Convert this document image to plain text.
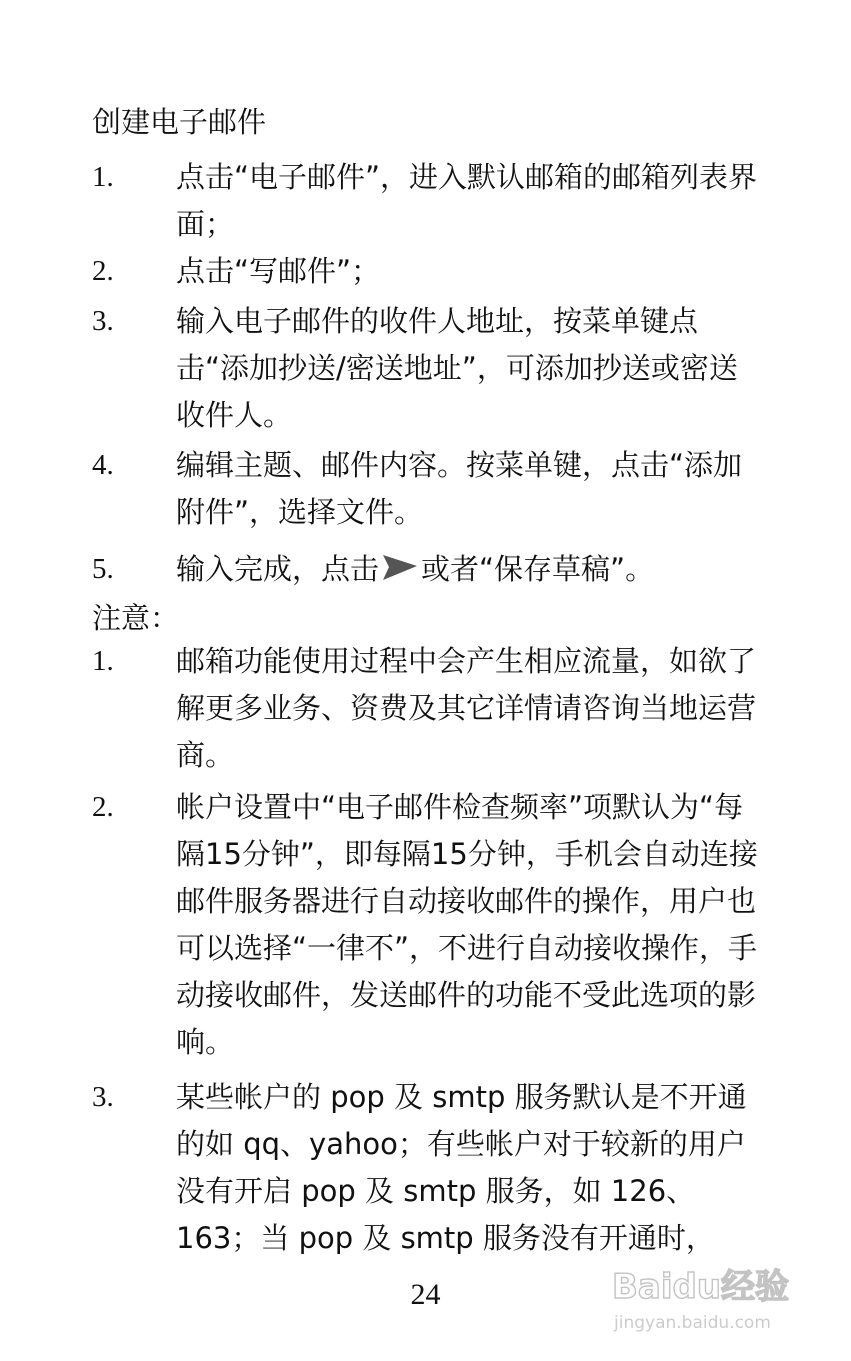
创建电子邮件
1.	点击“电子邮件”，进入默认邮箱的邮箱列表界面；
2.	点击“写邮件”；
3.	输入电子邮件的收件人地址，按菜单键点击“添加抄送/密送地址”，可添加抄送或密送收件人。
4.	编辑主题、邮件内容。按菜单键，点击“添加附件”，选择文件。
5.	输入完成，点击 或者“保存草稿”。
注意：
1.	邮箱功能使用过程中会产生相应流量，如欲了解更多业务、资费及其它详情请咨询当地运营商。
2.	帐户设置中“电子邮件检查频率”项默认为“每隔15分钟”，即每隔15分钟，手机会自动连接邮件服务器进行自动接收邮件的操作，用户也可以选择“一律不”，不进行自动接收操作，手动接收邮件，发送邮件的功能不受此选项的影响。
3.	某些帐户的 pop 及 smtp 服务默认是不开通的如 qq、yahoo；有些帐户对于较新的用户没有开启 pop 及 smtp 服务，如 126、163；当 pop 及 smtp 服务没有开通时，
24	Baidu经验
jingyan.baidu.com
